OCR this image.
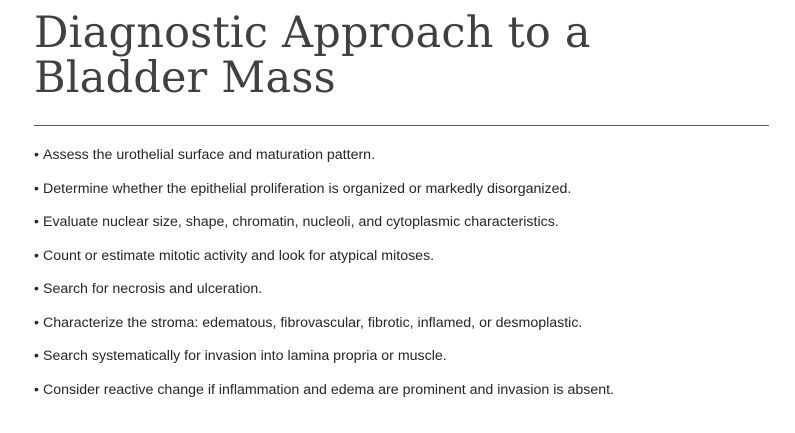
Diagnostic Approach to a Bladder Mass
• Assess the urothelial surface and maturation pattern.
• Determine whether the epithelial proliferation is organized or markedly disorganized.
• Evaluate nuclear size, shape, chromatin, nucleoli, and cytoplasmic characteristics.
• Count or estimate mitotic activity and look for atypical mitoses.
• Search for necrosis and ulceration.
• Characterize the stroma: edematous, fibrovascular, fibrotic, inflamed, or desmoplastic.
• Search systematically for invasion into lamina propria or muscle.
• Consider reactive change if inflammation and edema are prominent and invasion is absent.
